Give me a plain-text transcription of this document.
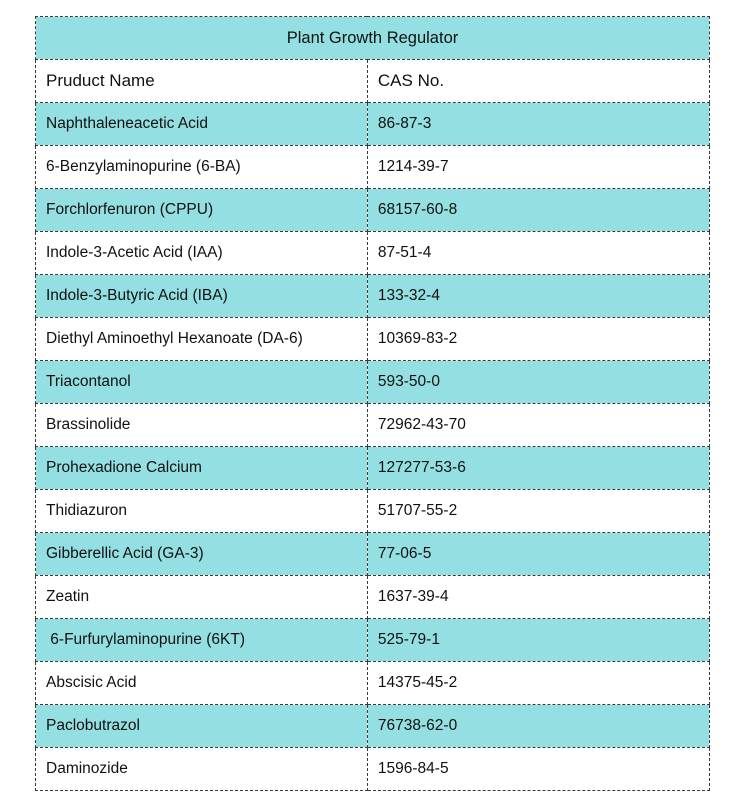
Plant Growth Regulator	
Pruduct Name	CAS No.
Naphthaleneacetic Acid	86-87-3
6-Benzylaminopurine (6-BA)	1214-39-7
Forchlorfenuron (CPPU)	68157-60-8
Indole-3-Acetic Acid (IAA)	87-51-4
Indole-3-Butyric Acid (IBA)	133-32-4
Diethyl Aminoethyl Hexanoate (DA-6)	10369-83-2
Triacontanol	593-50-0
Brassinolide	72962-43-70
Prohexadione Calcium	127277-53-6
Thidiazuron	51707-55-2
Gibberellic Acid (GA-3)	77-06-5
Zeatin	1637-39-4
6-Furfurylaminopurine (6KT)	525-79-1
Abscisic Acid	14375-45-2
Paclobutrazol	76738-62-0
Daminozide	1596-84-5
